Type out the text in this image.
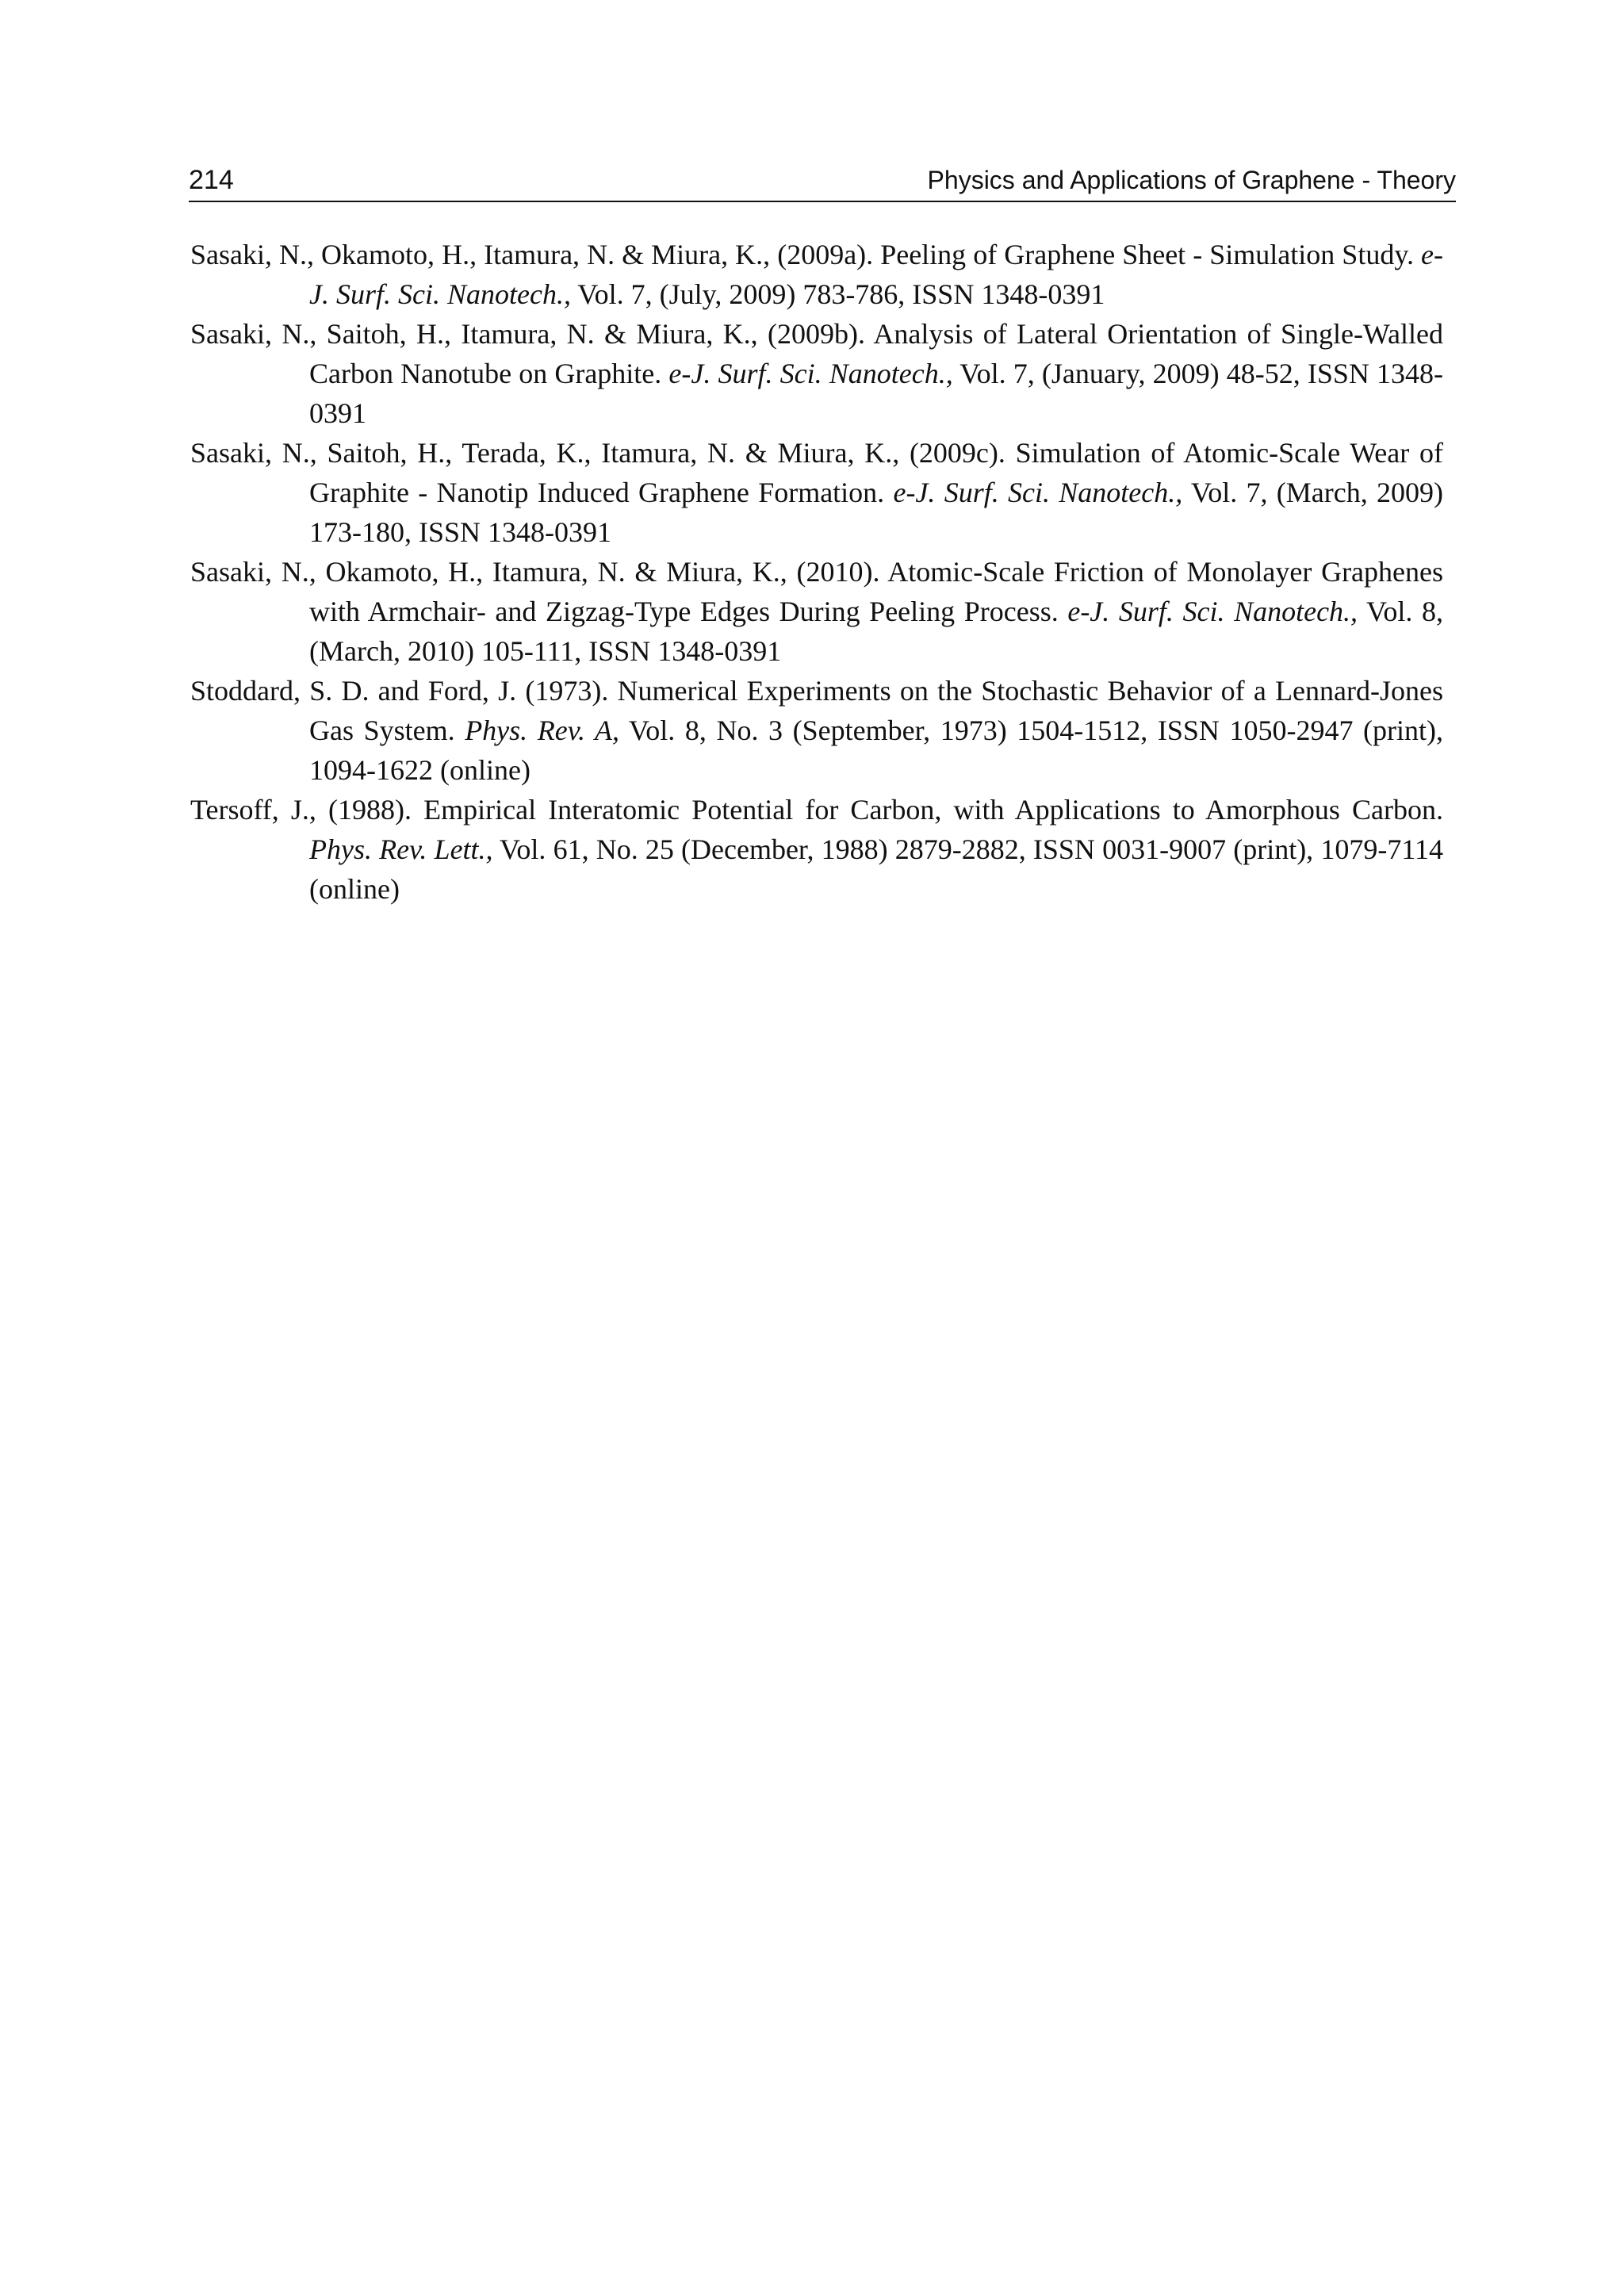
214	Physics and Applications of Graphene - Theory
Sasaki, N., Okamoto, H., Itamura, N. & Miura, K., (2009a). Peeling of Graphene Sheet - Simulation Study. e-J. Surf. Sci. Nanotech., Vol. 7, (July, 2009) 783-786, ISSN 1348-0391
Sasaki, N., Saitoh, H., Itamura, N. & Miura, K., (2009b). Analysis of Lateral Orientation of Single-Walled Carbon Nanotube on Graphite. e-J. Surf. Sci. Nanotech., Vol. 7, (January, 2009) 48-52, ISSN 1348-0391
Sasaki, N., Saitoh, H., Terada, K., Itamura, N. & Miura, K., (2009c). Simulation of Atomic-Scale Wear of Graphite - Nanotip Induced Graphene Formation. e-J. Surf. Sci. Nanotech., Vol. 7, (March, 2009) 173-180, ISSN 1348-0391
Sasaki, N., Okamoto, H., Itamura, N. & Miura, K., (2010). Atomic-Scale Friction of Monolayer Graphenes with Armchair- and Zigzag-Type Edges During Peeling Process. e-J. Surf. Sci. Nanotech., Vol. 8, (March, 2010) 105-111, ISSN 1348-0391
Stoddard, S. D. and Ford, J. (1973). Numerical Experiments on the Stochastic Behavior of a Lennard-Jones Gas System. Phys. Rev. A, Vol. 8, No. 3 (September, 1973) 1504-1512, ISSN 1050-2947 (print), 1094-1622 (online)
Tersoff, J., (1988). Empirical Interatomic Potential for Carbon, with Applications to Amorphous Carbon. Phys. Rev. Lett., Vol. 61, No. 25 (December, 1988) 2879-2882, ISSN 0031-9007 (print), 1079-7114 (online)
